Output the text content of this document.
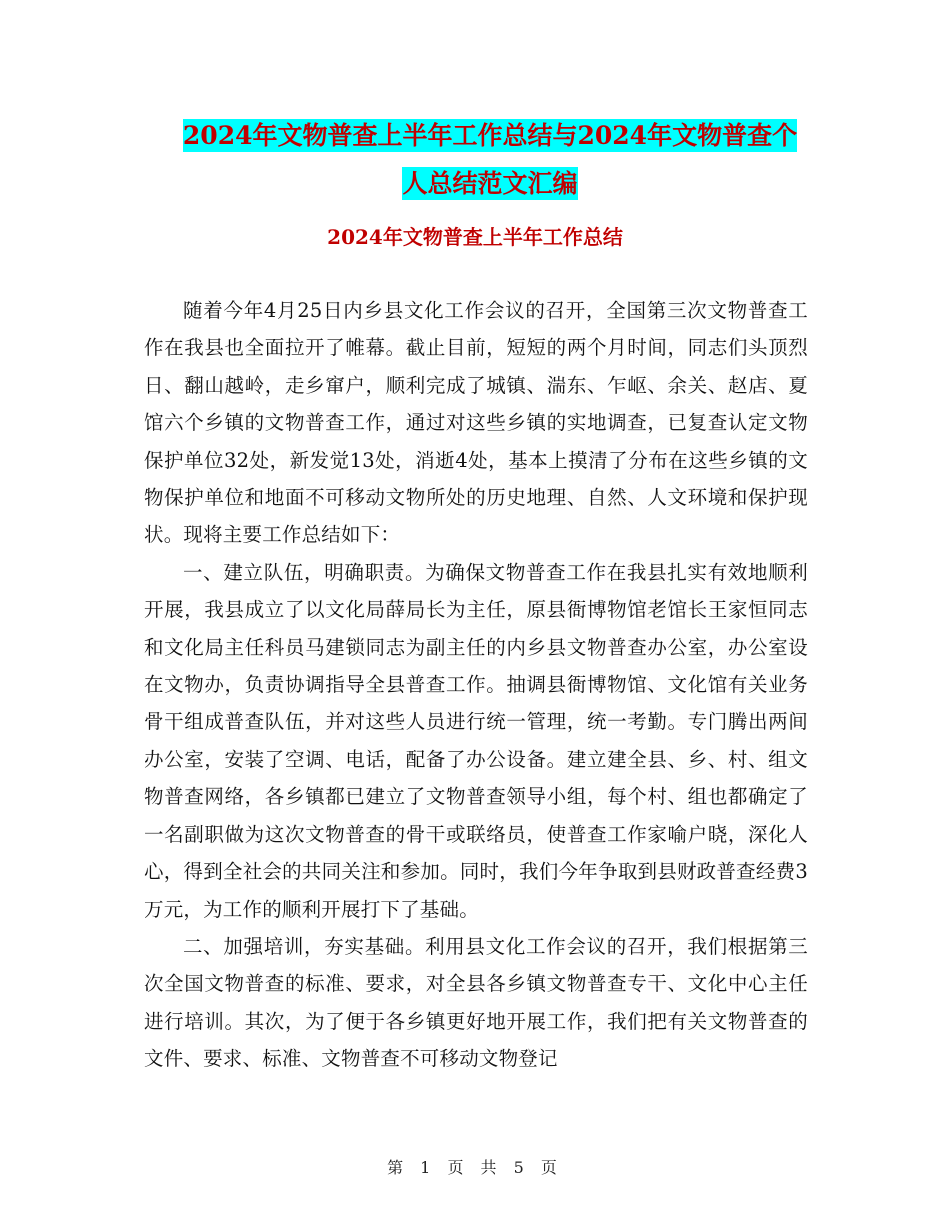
2024年文物普查上半年工作总结与2024年文物普查个
人总结范文汇编
2024年文物普查上半年工作总结

随着今年4月25日内乡县文化工作会议的召开，全国第三次文物普查工作在我县也全面拉开了帷幕。截止目前，短短的两个月时间，同志们头顶烈日、翻山越岭，走乡窜户，顺利完成了城镇、湍东、乍岖、余关、赵店、夏馆六个乡镇的文物普查工作，通过对这些乡镇的实地调查，已复查认定文物保护单位32处，新发觉13处，消逝4处，基本上摸清了分布在这些乡镇的文物保护单位和地面不可移动文物所处的历史地理、自然、人文环境和保护现状。现将主要工作总结如下：

一、建立队伍，明确职责。为确保文物普查工作在我县扎实有效地顺利开展，我县成立了以文化局薛局长为主任，原县衙博物馆老馆长王家恒同志和文化局主任科员马建锁同志为副主任的内乡县文物普查办公室，办公室设在文物办，负责协调指导全县普查工作。抽调县衙博物馆、文化馆有关业务骨干组成普查队伍，并对这些人员进行统一管理，统一考勤。专门腾出两间办公室，安装了空调、电话，配备了办公设备。建立建全县、乡、村、组文物普查网络，各乡镇都已建立了文物普查领导小组，每个村、组也都确定了一名副职做为这次文物普查的骨干或联络员，使普查工作家喻户晓，深化人心，得到全社会的共同关注和参加。同时，我们今年争取到县财政普查经费3万元，为工作的顺利开展打下了基础。

二、加强培训，夯实基础。利用县文化工作会议的召开，我们根据第三次全国文物普查的标准、要求，对全县各乡镇文物普查专干、文化中心主任进行培训。其次，为了便于各乡镇更好地开展工作，我们把有关文物普查的文件、要求、标准、文物普查不可移动文物登记

第 1 页 共 5 页
